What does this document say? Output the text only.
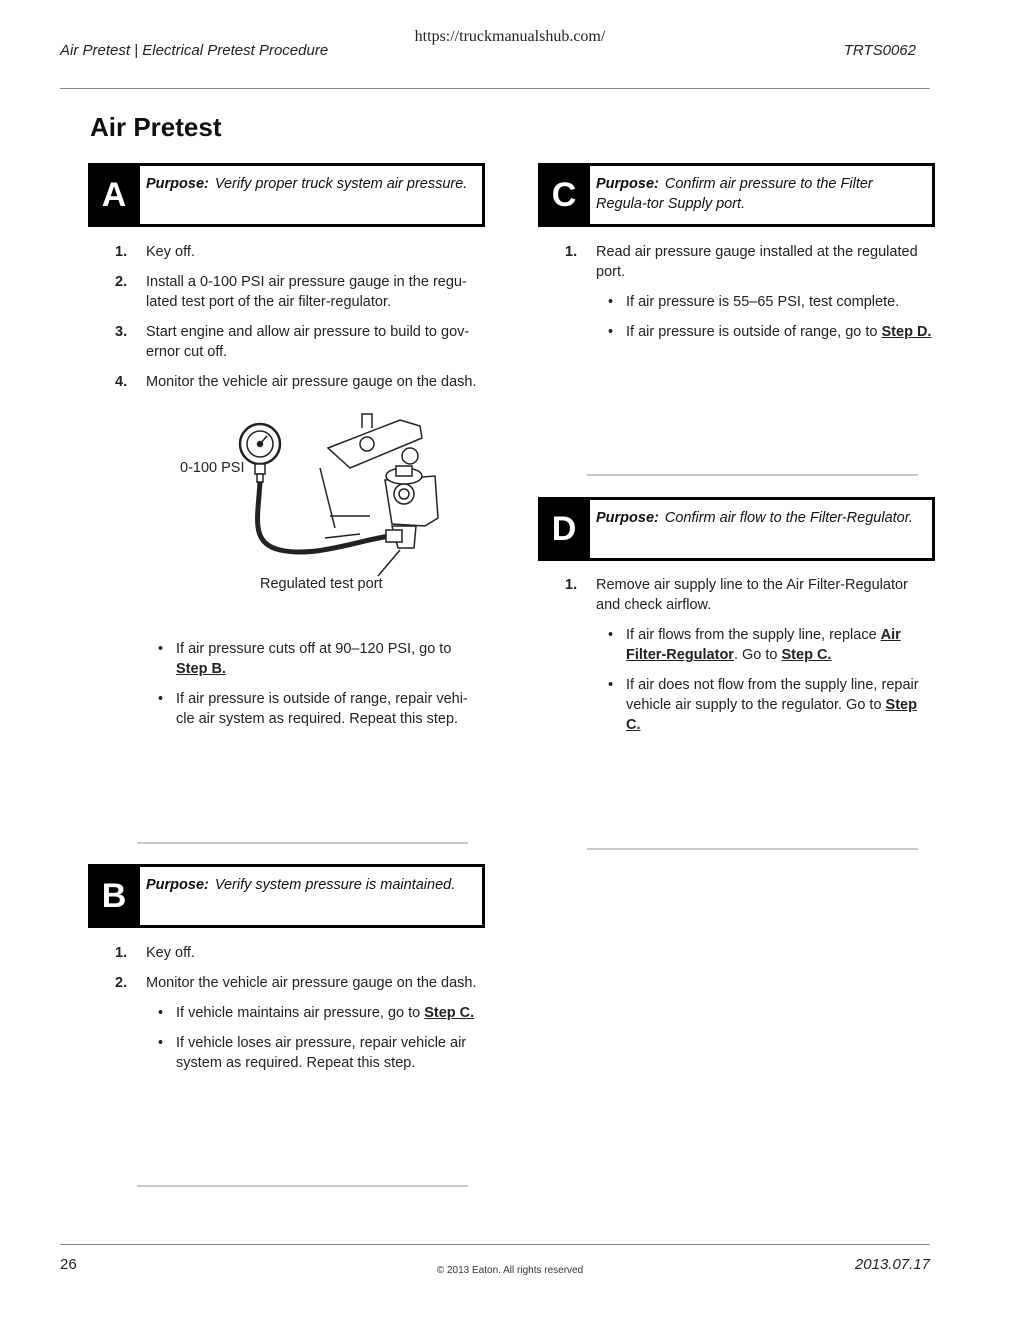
https://truckmanualshub.com/
Air Pretest | Electrical Pretest Procedure	TRTS0062
Air Pretest
A	Purpose: Verify proper truck system air pressure.
1. Key off.
2. Install a 0-100 PSI air pressure gauge in the regu-lated test port of the air filter-regulator.
3. Start engine and allow air pressure to build to gov-ernor cut off.
4. Monitor the vehicle air pressure gauge on the dash.
0-100 PSI
Regulated test port
• If air pressure cuts off at 90–120 PSI, go to Step B.
• If air pressure is outside of range, repair vehi-cle air system as required. Repeat this step.
B	Purpose: Verify system pressure is maintained.
1. Key off.
2. Monitor the vehicle air pressure gauge on the dash.
• If vehicle maintains air pressure, go to Step C.
• If vehicle loses air pressure, repair vehicle air system as required. Repeat this step.
C	Purpose: Confirm air pressure to the Filter Regula-tor Supply port.
1. Read air pressure gauge installed at the regulated port.
• If air pressure is 55–65 PSI, test complete.
• If air pressure is outside of range, go to Step D.
D	Purpose: Confirm air flow to the Filter-Regulator.
1. Remove air supply line to the Air Filter-Regulator and check airflow.
• If air flows from the supply line, replace Air Filter-Regulator. Go to Step C.
• If air does not flow from the supply line, repair vehicle air supply to the regulator. Go to Step C.
26	© 2013 Eaton. All rights reserved	2013.07.17
